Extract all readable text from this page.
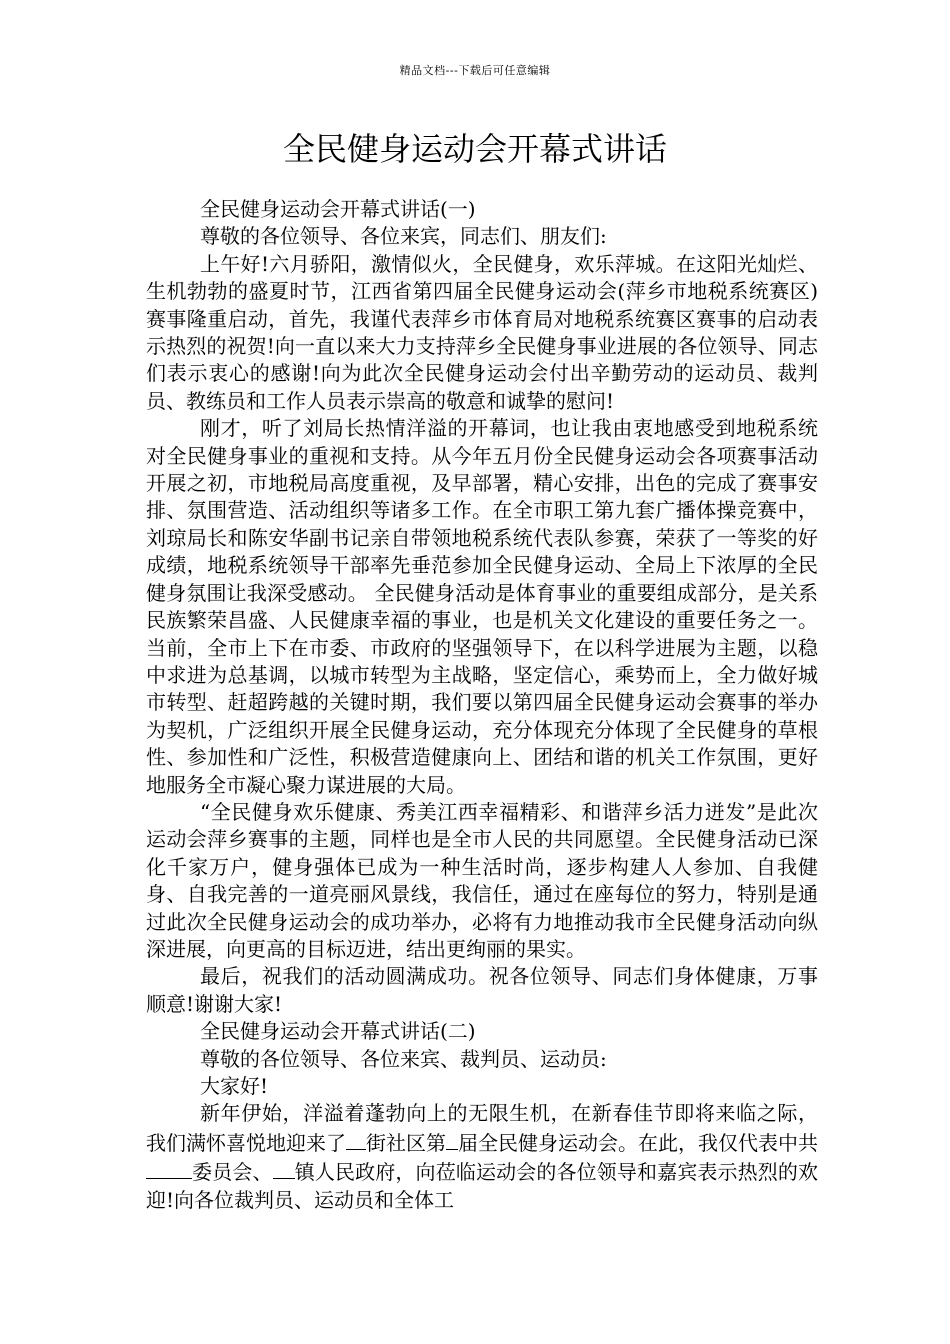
精品文档---下载后可任意编辑
全民健身运动会开幕式讲话

全民健身运动会开幕式讲话(一)

尊敬的各位领导、各位来宾，同志们、朋友们:

上午好!六月骄阳，激情似火，全民健身，欢乐萍城。在这阳光灿烂、生机勃勃的盛夏时节，江西省第四届全民健身运动会(萍乡市地税系统赛区)赛事隆重启动，首先，我谨代表萍乡市体育局对地税系统赛区赛事的启动表示热烈的祝贺!向一直以来大力支持萍乡全民健身事业进展的各位领导、同志们表示衷心的感谢!向为此次全民健身运动会付出辛勤劳动的运动员、裁判员、教练员和工作人员表示崇高的敬意和诚挚的慰问!

刚才，听了刘局长热情洋溢的开幕词，也让我由衷地感受到地税系统对全民健身事业的重视和支持。从今年五月份全民健身运动会各项赛事活动开展之初，市地税局高度重视，及早部署，精心安排，出色的完成了赛事安排、氛围营造、活动组织等诸多工作。在全市职工第九套广播体操竞赛中，刘琼局长和陈安华副书记亲自带领地税系统代表队参赛，荣获了一等奖的好成绩，地税系统领导干部率先垂范参加全民健身运动、全局上下浓厚的全民健身氛围让我深受感动。 全民健身活动是体育事业的重要组成部分，是关系民族繁荣昌盛、人民健康幸福的事业，也是机关文化建设的重要任务之一。当前，全市上下在市委、市政府的坚强领导下，在以科学进展为主题，以稳中求进为总基调，以城市转型为主战略，坚定信心，乘势而上，全力做好城市转型、赶超跨越的关键时期，我们要以第四届全民健身运动会赛事的举办为契机，广泛组织开展全民健身运动，充分体现充分体现了全民健身的草根性、参加性和广泛性，积极营造健康向上、团结和谐的机关工作氛围，更好地服务全市凝心聚力谋进展的大局。

“全民健身欢乐健康、秀美江西幸福精彩、和谐萍乡活力迸发”是此次运动会萍乡赛事的主题，同样也是全市人民的共同愿望。全民健身活动已深化千家万户，健身强体已成为一种生活时尚，逐步构建人人参加、自我健身、自我完善的一道亮丽风景线，我信任，通过在座每位的努力，特别是通过此次全民健身运动会的成功举办，必将有力地推动我市全民健身活动向纵深进展，向更高的目标迈进，结出更绚丽的果实。

最后，祝我们的活动圆满成功。祝各位领导、同志们身体健康，万事顺意!谢谢大家!

全民健身运动会开幕式讲话(二)

尊敬的各位领导、各位来宾、裁判员、运动员:

大家好!

新年伊始，洋溢着蓬勃向上的无限生机，在新春佳节即将来临之际，我们满怀喜悦地迎来了 街社区第 届全民健身运动会。在此，我仅代表中共委员会、 镇人民政府，向莅临运动会的各位领导和嘉宾表示热烈的欢迎!向各位裁判员、运动员和全体工
